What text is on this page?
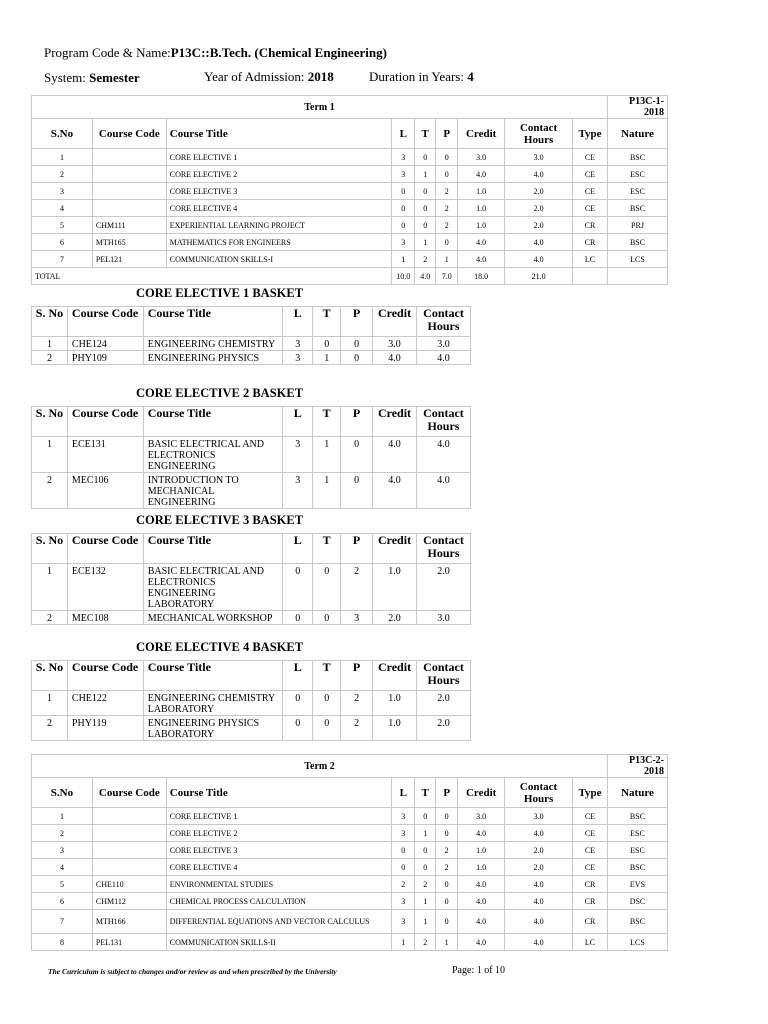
Program Code & Name:P13C::B.Tech. (Chemical Engineering)
System: Semester	Year of Admission: 2018	Duration in Years: 4
Term 1									P13C-1-2018
S.No	Course Code	Course Title	L	T	P	Credit	Contact Hours	Type	Nature
1		CORE ELECTIVE 1	3	0	0	3.0	3.0	CE	BSC
2		CORE ELECTIVE 2	3	1	0	4.0	4.0	CE	ESC
3		CORE ELECTIVE 3	0	0	2	1.0	2.0	CE	ESC
4		CORE ELECTIVE 4	0	0	2	1.0	2.0	CE	BSC
5	CHM111	EXPERIENTIAL LEARNING PROJECT	0	0	2	1.0	2.0	CR	PRJ
6	MTH165	MATHEMATICS FOR ENGINEERS	3	1	0	4.0	4.0	CR	BSC
7	PEL121	COMMUNICATION SKILLS-I	1	2	1	4.0	4.0	LC	LCS
TOTAL			10.0	4.0	7.0	18.0	21.0		
CORE ELECTIVE 1 BASKET
S. No	Course Code	Course Title	L	T	P	Credit	Contact Hours
1	CHE124	ENGINEERING CHEMISTRY	3	0	0	3.0	3.0
2	PHY109	ENGINEERING PHYSICS	3	1	0	4.0	4.0
CORE ELECTIVE 2 BASKET
S. No	Course Code	Course Title	L	T	P	Credit	Contact Hours
1	ECE131	BASIC ELECTRICAL AND ELECTRONICS ENGINEERING	3	1	0	4.0	4.0
2	MEC106	INTRODUCTION TO MECHANICAL ENGINEERING	3	1	0	4.0	4.0
CORE ELECTIVE 3 BASKET
S. No	Course Code	Course Title	L	T	P	Credit	Contact Hours
1	ECE132	BASIC ELECTRICAL AND ELECTRONICS ENGINEERING LABORATORY	0	0	2	1.0	2.0
2	MEC108	MECHANICAL WORKSHOP	0	0	3	2.0	3.0
CORE ELECTIVE 4 BASKET
S. No	Course Code	Course Title	L	T	P	Credit	Contact Hours
1	CHE122	ENGINEERING CHEMISTRY LABORATORY	0	0	2	1.0	2.0
2	PHY119	ENGINEERING PHYSICS LABORATORY	0	0	2	1.0	2.0
Term 2									P13C-2-2018
S.No	Course Code	Course Title	L	T	P	Credit	Contact Hours	Type	Nature
1		CORE ELECTIVE 1	3	0	0	3.0	3.0	CE	BSC
2		CORE ELECTIVE 2	3	1	0	4.0	4.0	CE	ESC
3		CORE ELECTIVE 3	0	0	2	1.0	2.0	CE	ESC
4		CORE ELECTIVE 4	0	0	2	1.0	2.0	CE	BSC
5	CHE110	ENVIRONMENTAL STUDIES	2	2	0	4.0	4.0	CR	EVS
6	CHM112	CHEMICAL PROCESS CALCULATION	3	1	0	4.0	4.0	CR	DSC
7	MTH166	DIFFERENTIAL EQUATIONS AND VECTOR CALCULUS	3	1	0	4.0	4.0	CR	BSC
8	PEL131	COMMUNICATION SKILLS-II	1	2	1	4.0	4.0	LC	LCS
The Curriculum is subject to changes and/or review as and when prescribed by the University	Page: 1 of 10
